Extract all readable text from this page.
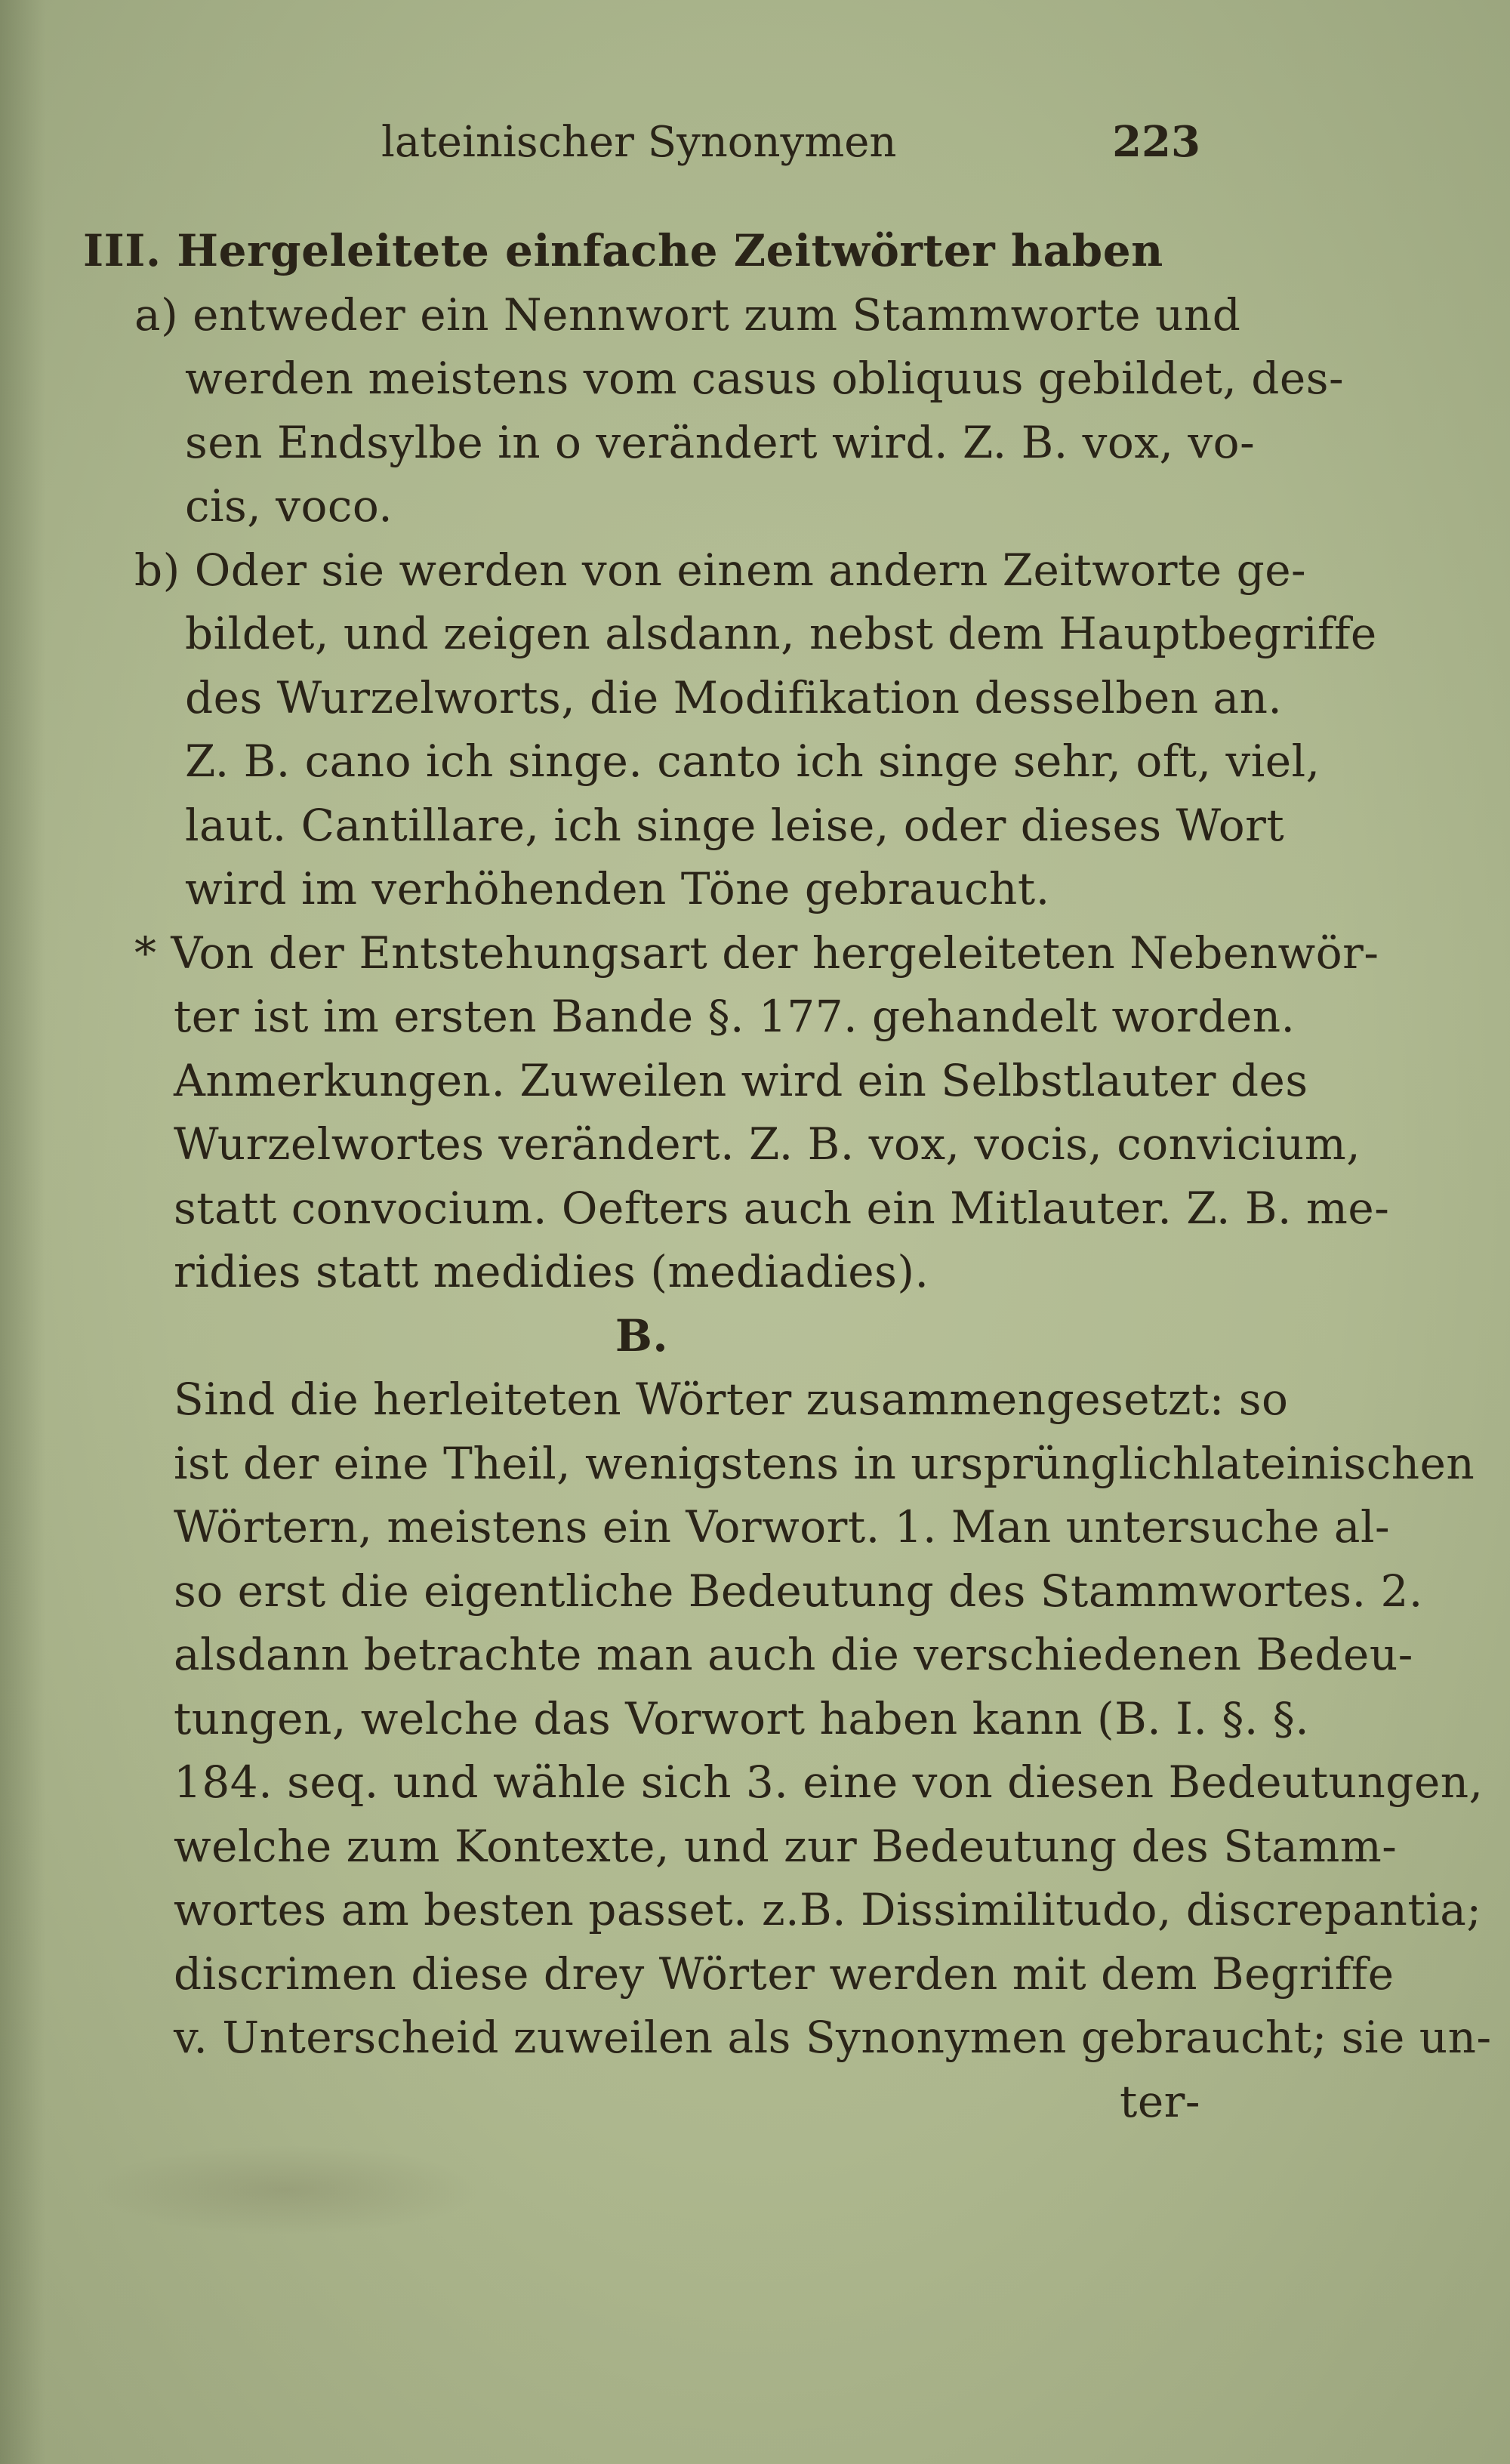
lateinischer Synonymen	223
III. Hergeleitete einfache Zeitwörter haben
a) entweder ein Nennwort zum Stammworte und
werden meistens vom casus obliquus gebildet, des-
sen Endsylbe in o verändert wird. Z. B. vox, vo-
cis, voco.
b) Oder sie werden von einem andern Zeitworte ge-
bildet, und zeigen alsdann, nebst dem Hauptbegriffe
des Wurzelworts, die Modifikation desselben an.
Z. B. cano ich singe. canto ich singe sehr, oft, viel,
laut. Cantillare, ich singe leise, oder dieses Wort
wird im verhöhenden Töne gebraucht.
* Von der Entstehungsart der hergeleiteten Nebenwör-
ter ist im ersten Bande §. 177. gehandelt worden.
Anmerkungen. Zuweilen wird ein Selbstlauter des
Wurzelwortes verändert. Z. B. vox, vocis, convicium,
statt convocium. Oefters auch ein Mitlauter. Z. B. me-
ridies statt medidies (mediadies).
B.
Sind die herleiteten Wörter zusammengesetzt: so
ist der eine Theil, wenigstens in ursprünglichlateinischen
Wörtern, meistens ein Vorwort. 1. Man untersuche al-
so erst die eigentliche Bedeutung des Stammwortes. 2.
alsdann betrachte man auch die verschiedenen Bedeu-
tungen, welche das Vorwort haben kann (B. I. §. §.
184. seq. und wähle sich 3. eine von diesen Bedeutungen,
welche zum Kontexte, und zur Bedeutung des Stamm-
wortes am besten passet. z.B. Dissimilitudo, discrepantia;
discrimen diese drey Wörter werden mit dem Begriffe
v. Unterscheid zuweilen als Synonymen gebraucht; sie un-
ter-
